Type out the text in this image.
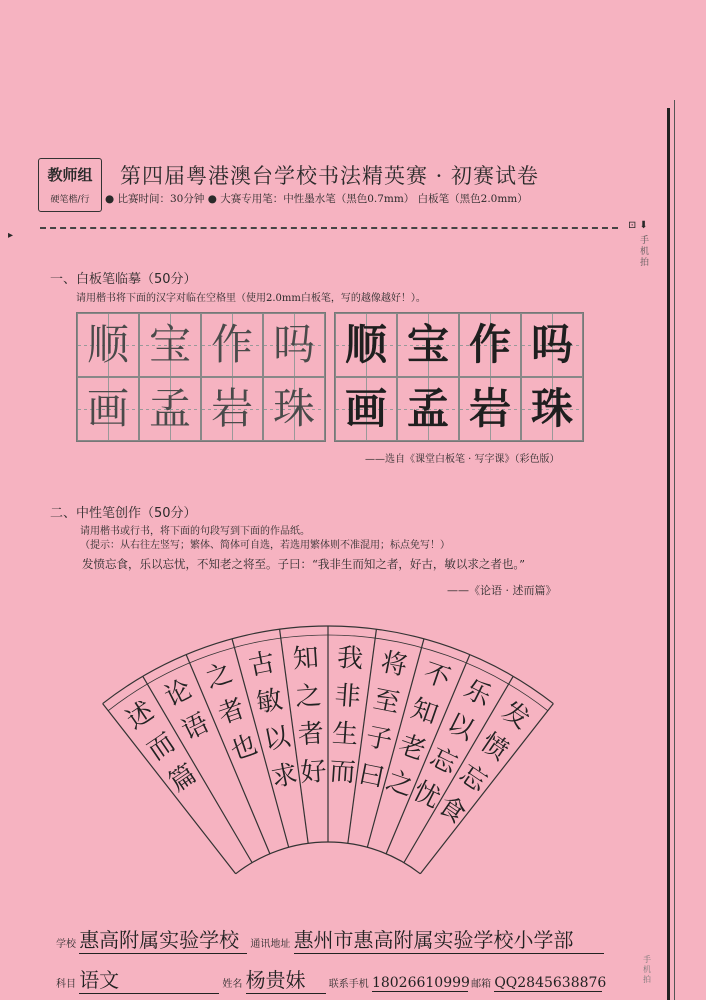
教师组
硬笔楷/行
第四届粤港澳台学校书法精英赛 · 初赛试卷
● 比赛时间：30分钟 ● 大赛专用笔：中性墨水笔（黑色0.7mm） 白板笔（黑色2.0mm）
▸
⊡ ⬇
手机拍
手机拍
一、白板笔临摹（50分）
请用楷书将下面的汉字对临在空格里（使用2.0mm白板笔，写的越像越好！）。
顺 宝 作 吗
画 孟 岩 珠
顺 宝 作 吗
画 孟 岩 珠
——选自《课堂白板笔 · 写字课》（彩色版）
二、中性笔创作（50分）
请用楷书或行书，将下面的句段写到下面的作品纸。
（提示：从右往左竖写；繁体、简体可自选，若选用繁体则不准混用；标点免写！）
发愤忘食，乐以忘忧，不知老之将至。子曰：“我非生而知之者，好古，敏以求之者也。”
——《论语 · 述而篇》
述
而
篇
论
语
之
者
也
古
敏
以
求
知
之
者
好
我
非
生
而
将
至
子
曰
不
知
老
之
乐
以
忘
忧
发
愤
忘
食
学校 惠高附属实验学校 通讯地址 惠州市惠高附属实验学校小学部
科目 语文	姓名 杨贵妹 联系手机 18026610999 邮箱 QQ2845638876
